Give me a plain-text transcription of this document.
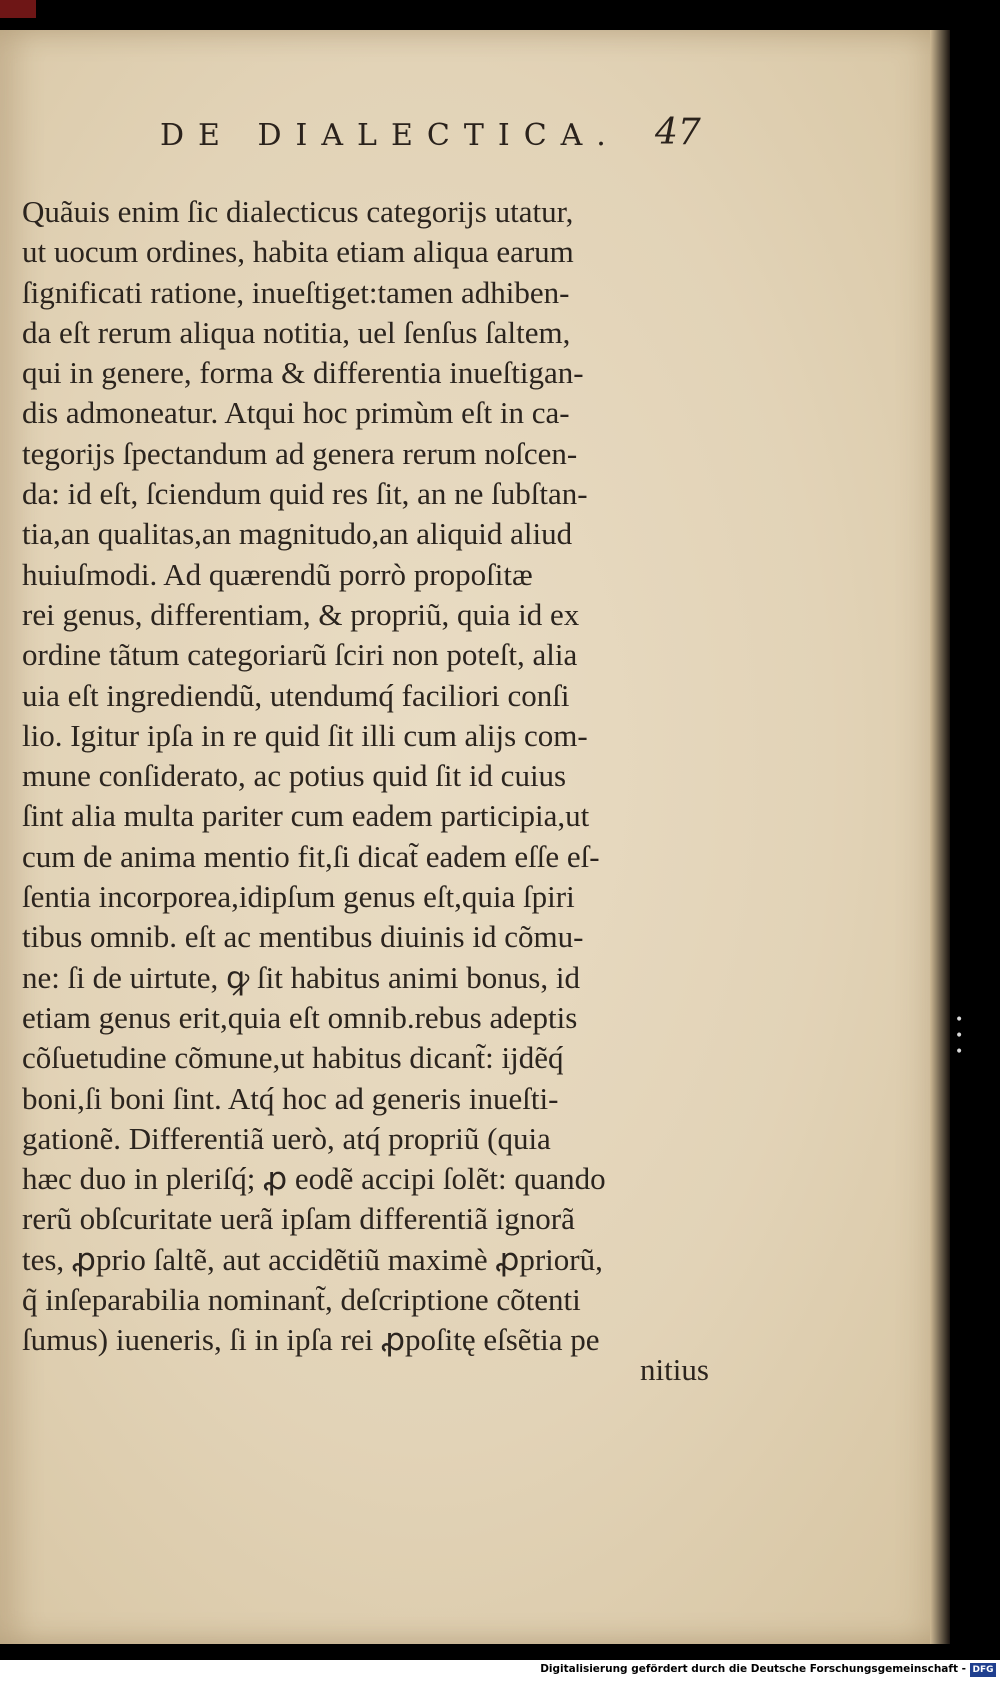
DE DIALECTICA. 47
Quãuis enim ſic dialecticus categorijs utatur,
ut uocum ordines, habita etiam aliqua earum
ſignificati ratione, inueſtiget:tamen adhiben-
da eſt rerum aliqua notitia, uel ſenſus ſaltem,
qui in genere, forma & differentia inueſtigan-
dis admoneatur. Atqui hoc primùm eſt in ca-
tegorijs ſpectandum ad genera rerum noſcen-
da: id eſt, ſciendum quid res ſit, an ne ſubſtan-
tia,an qualitas,an magnitudo,an aliquid aliud
huiuſmodi. Ad quærendũ porrò propoſitæ
rei genus, differentiam, & propriũ, quia id ex
ordine tãtum categoriarũ ſciri non poteſt, alia
uia eſt ingrediendũ, utendumq́ faciliori conſi
lio. Igitur ipſa in re quid ſit illi cum alijs com-
mune conſiderato, ac potius quid ſit id cuius
ſint alia multa pariter cum eadem participia,ut
cum de anima mentio fit,ſi dicat̃ eadem eſſe eſ-
ſentia incorporea,idipſum genus eſt,quia ſpiri
tibus omnib. eſt ac mentibus diuinis id cõmu-
ne: ſi de uirtute, ꝙ ſit habitus animi bonus, id
etiam genus erit,quia eſt omnib.rebus adeptis
cõſuetudine cõmune,ut habitus dicant̃: ijdẽq́
boni,ſi boni ſint. Atq́ hoc ad generis inueſti-
gationẽ. Differentiã uerò, atq́ propriũ (quia
hæc duo in pleriſq́; ꝓ eodẽ accipi ſolẽt: quando
rerũ obſcuritate uerã ipſam differentiã ignorã
tes, ꝓprio ſaltẽ, aut accidẽtiũ maximè ꝓpriorũ,
q̃ inſeparabilia nominant̃, deſcriptione cõtenti
ſumus) iueneris, ſi in ipſa rei ꝓpoſitę eſsẽtia pe
nitius
• • •
Digitalisierung gefördert durch die Deutsche Forschungsgemeinschaft - DFG
